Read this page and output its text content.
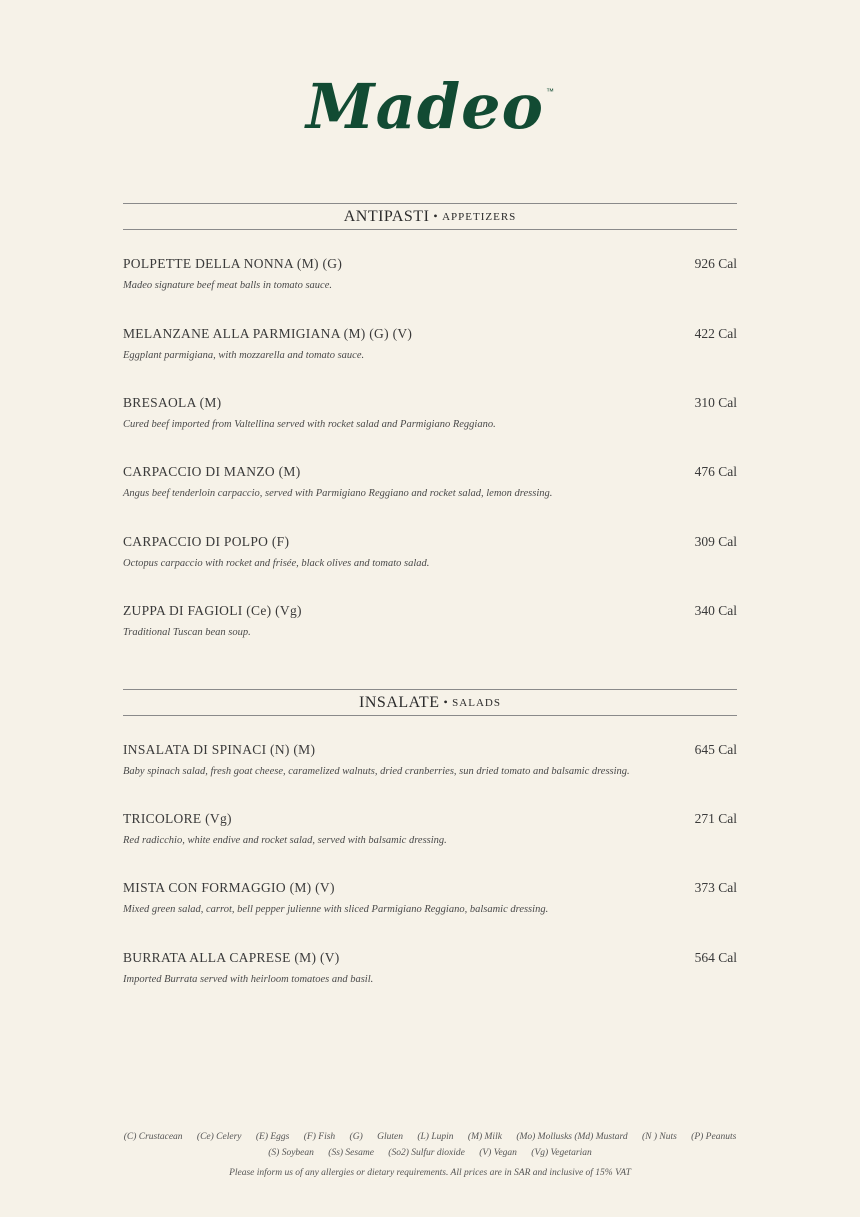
Madeo ™
ANTIPASTI • APPETIZERS
POLPETTE DELLA NONNA (M) (G)	926 Cal
Madeo signature beef meat balls in tomato sauce.
MELANZANE ALLA PARMIGIANA (M) (G) (V)	422 Cal
Eggplant parmigiana, with mozzarella and tomato sauce.
BRESAOLA (M)	310 Cal
Cured beef imported from Valtellina served with rocket salad and Parmigiano Reggiano.
CARPACCIO DI MANZO (M)	476 Cal
Angus beef tenderloin carpaccio, served with Parmigiano Reggiano and rocket salad, lemon dressing.
CARPACCIO DI POLPO (F)	309 Cal
Octopus carpaccio with rocket and frisée, black olives and tomato salad.
ZUPPA DI FAGIOLI (Ce) (Vg)	340 Cal
Traditional Tuscan bean soup.
INSALATE • SALADS
INSALATA DI SPINACI (N) (M)	645 Cal
Baby spinach salad, fresh goat cheese, caramelized walnuts, dried cranberries, sun dried tomato and balsamic dressing.
TRICOLORE (Vg)	271 Cal
Red radicchio, white endive and rocket salad, served with balsamic dressing.
MISTA CON FORMAGGIO (M) (V)	373 Cal
Mixed green salad, carrot, bell pepper julienne with sliced Parmigiano Reggiano, balsamic dressing.
BURRATA ALLA CAPRESE (M) (V)	564 Cal
Imported Burrata served with heirloom tomatoes and basil.
(C) Crustacean (Ce) Celery (E) Eggs (F) Fish (G) Gluten (L) Lupin (M) Milk (Mo) Mollusks (Md) Mustard (N ) Nuts (P) Peanuts
(S) Soybean (Ss) Sesame (So2) Sulfur dioxide (V) Vegan (Vg) Vegetarian
Please inform us of any allergies or dietary requirements. All prices are in SAR and inclusive of 15% VAT
